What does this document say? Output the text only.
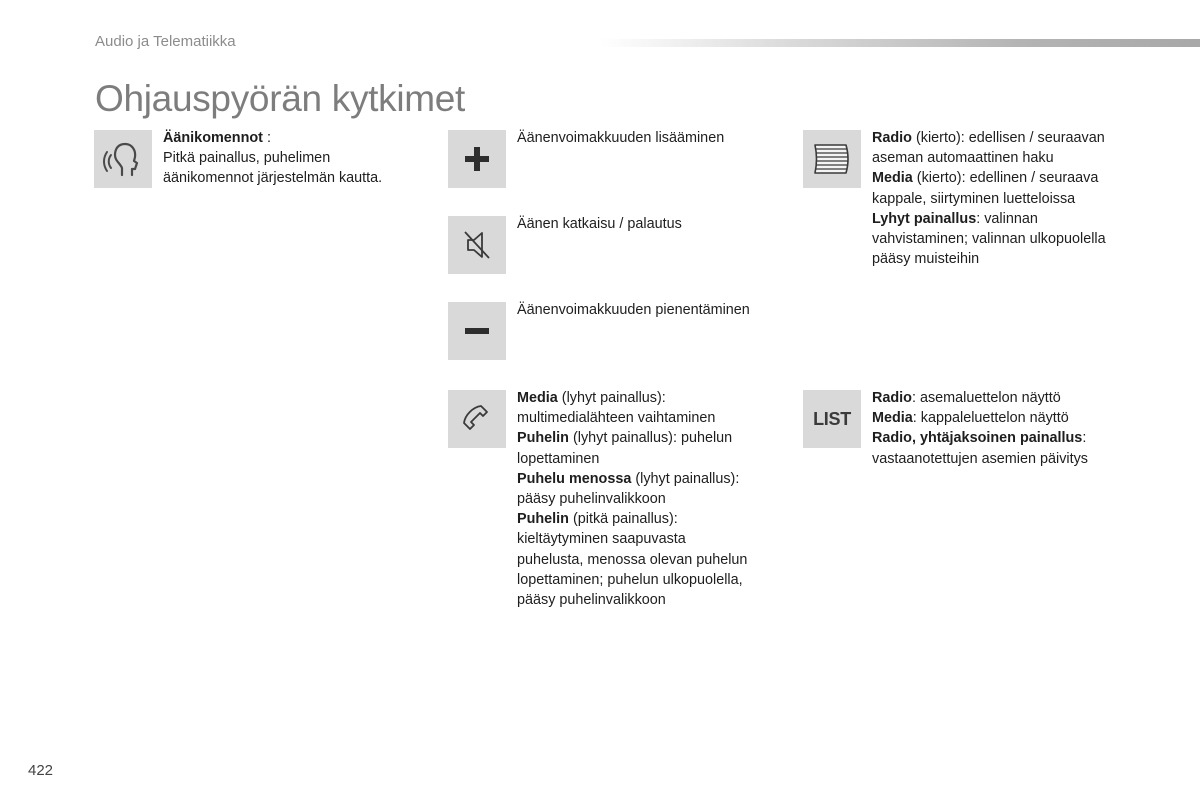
Audio ja Telematiikka
Ohjauspyörän kytkimet
Äänikomennot :
Pitkä painallus, puhelimen
äänikomennot järjestelmän kautta.
Äänenvoimakkuuden lisääminen
Äänen katkaisu / palautus
Äänenvoimakkuuden pienentäminen
Media (lyhyt painallus):
multimedialähteen vaihtaminen
Puhelin (lyhyt painallus): puhelun
lopettaminen
Puhelu menossa (lyhyt painallus):
pääsy puhelinvalikkoon
Puhelin (pitkä painallus):
kieltäytyminen saapuvasta
puhelusta, menossa olevan puhelun
lopettaminen; puhelun ulkopuolella,
pääsy puhelinvalikkoon
Radio (kierto): edellisen / seuraavan
aseman automaattinen haku
Media (kierto): edellinen / seuraava
kappale, siirtyminen luetteloissa
Lyhyt painallus: valinnan
vahvistaminen; valinnan ulkopuolella
pääsy muisteihin
LIST
Radio: asemaluettelon näyttö
Media: kappaleluettelon näyttö
Radio, yhtäjaksoinen painallus:
vastaanotettujen asemien päivitys
422
